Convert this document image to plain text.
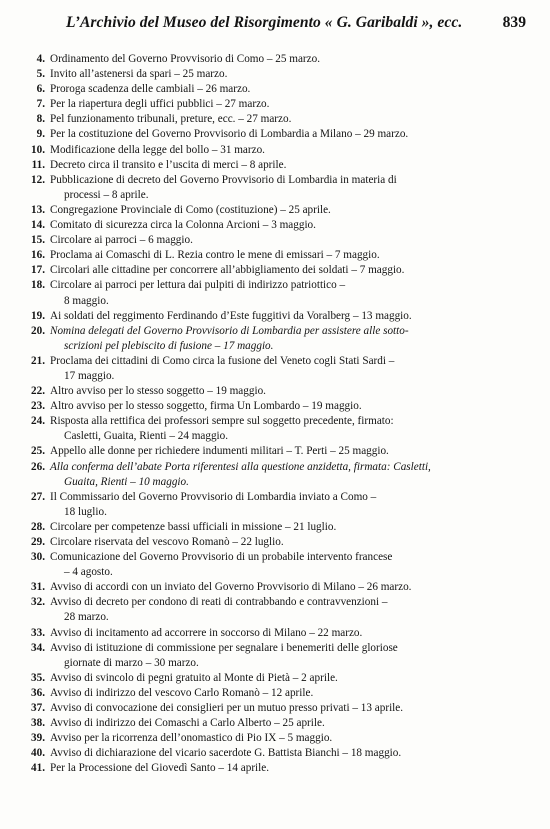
L’Archivio del Museo del Risorgimento « G. Garibaldi », ecc.	839
4. Ordinamento del Governo Provvisorio di Como – 25 marzo.
5. Invito all’astenersi da spari – 25 marzo.
6. Proroga scadenza delle cambiali – 26 marzo.
7. Per la riapertura degli uffici pubblici – 27 marzo.
8. Pel funzionamento tribunali, preture, ecc. – 27 marzo.
9. Per la costituzione del Governo Provvisorio di Lombardia a Milano – 29 marzo.
10. Modificazione della legge del bollo – 31 marzo.
11. Decreto circa il transito e l’uscita di merci – 8 aprile.
12. Pubblicazione di decreto del Governo Provvisorio di Lombardia in materia di
processi – 8 aprile.
13. Congregazione Provinciale di Como (costituzione) – 25 aprile.
14. Comitato di sicurezza circa la Colonna Arcioni – 3 maggio.
15. Circolare ai parroci – 6 maggio.
16. Proclama ai Comaschi di L. Rezia contro le mene di emissari – 7 maggio.
17. Circolari alle cittadine per concorrere all’abbigliamento dei soldati – 7 maggio.
18. Circolare ai parroci per lettura dai pulpiti di indirizzo patriottico –
8 maggio.
19. Ai soldati del reggimento Ferdinando d’Este fuggitivi da Voralberg – 13 maggio.
20. Nomina delegati del Governo Provvisorio di Lombardia per assistere alle sotto-
scrizioni pel plebiscito di fusione – 17 maggio.
21. Proclama dei cittadini di Como circa la fusione del Veneto cogli Stati Sardi –
17 maggio.
22. Altro avviso per lo stesso soggetto – 19 maggio.
23. Altro avviso per lo stesso soggetto, firma Un Lombardo – 19 maggio.
24. Risposta alla rettifica dei professori sempre sul soggetto precedente, firmato:
Casletti, Guaita, Rienti – 24 maggio.
25. Appello alle donne per richiedere indumenti militari – T. Perti – 25 maggio.
26. Alla conferma dell’abate Porta riferentesi alla questione anzidetta, firmata: Casletti,
Guaita, Rienti – 10 maggio.
27. Il Commissario del Governo Provvisorio di Lombardia inviato a Como –
18 luglio.
28. Circolare per competenze bassi ufficiali in missione – 21 luglio.
29. Circolare riservata del vescovo Romanò – 22 luglio.
30. Comunicazione del Governo Provvisorio di un probabile intervento francese
– 4 agosto.
31. Avviso di accordi con un inviato del Governo Provvisorio di Milano – 26 marzo.
32. Avviso di decreto per condono di reati di contrabbando e contravvenzioni –
28 marzo.
33. Avviso di incitamento ad accorrere in soccorso di Milano – 22 marzo.
34. Avviso di istituzione di commissione per segnalare i benemeriti delle gloriose
giornate di marzo – 30 marzo.
35. Avviso di svincolo di pegni gratuito al Monte di Pietà – 2 aprile.
36. Avviso di indirizzo del vescovo Carlo Romanò – 12 aprile.
37. Avviso di convocazione dei consiglieri per un mutuo presso privati – 13 aprile.
38. Avviso di indirizzo dei Comaschi a Carlo Alberto – 25 aprile.
39. Avviso per la ricorrenza dell’onomastico di Pio IX – 5 maggio.
40. Avviso di dichiarazione del vicario sacerdote G. Battista Bianchi – 18 maggio.
41. Per la Processione del Giovedì Santo – 14 aprile.
